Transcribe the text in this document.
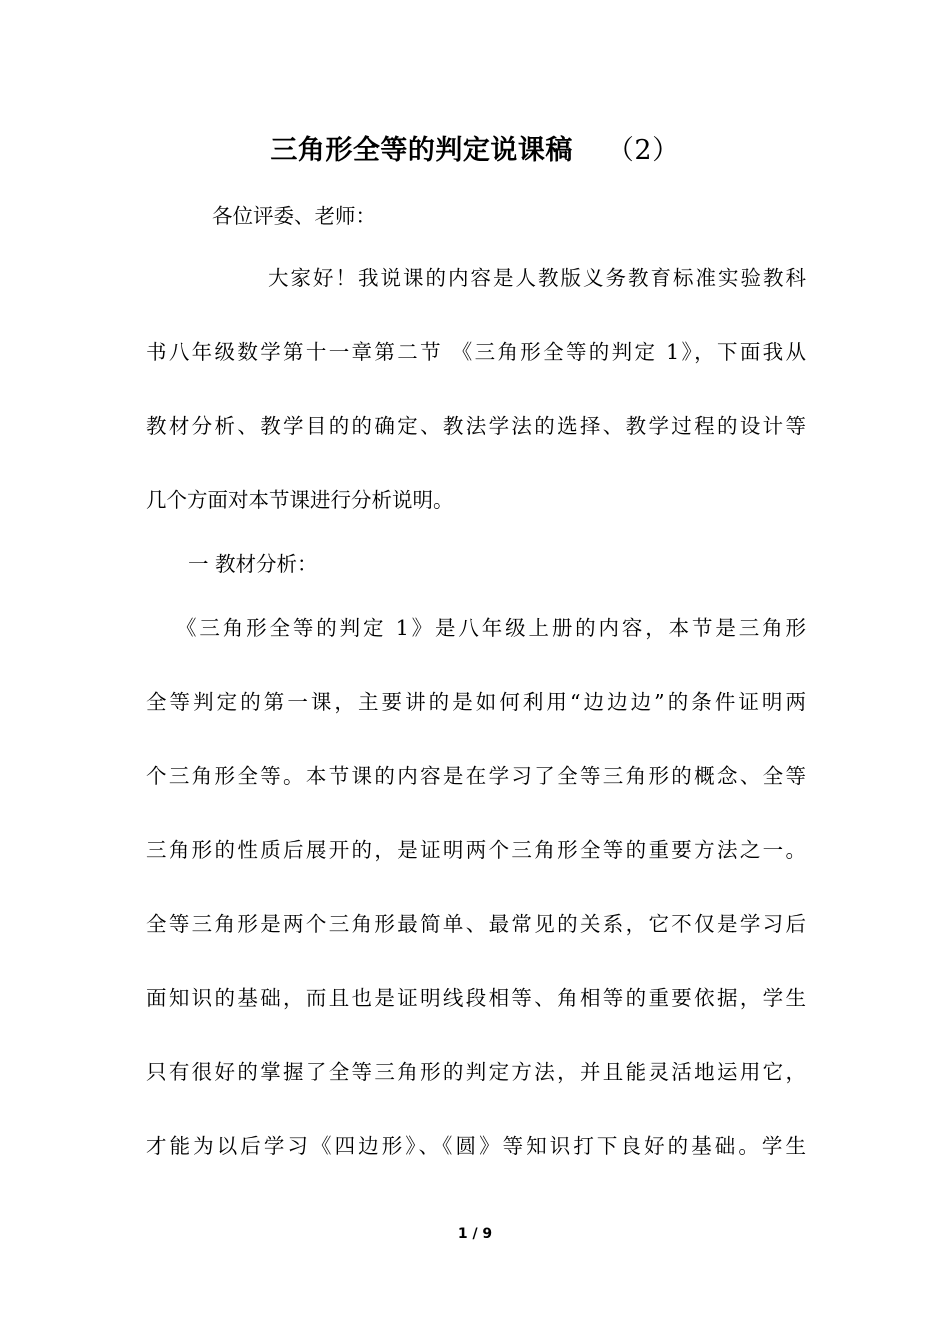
三角形全等的判定说课稿 （2）
各位评委、老师：
大家好！我说课的内容是人教版义务教育标准实验教科
书八年级数学第十一章第二节 《三角形全等的判定 1》，下面我从
教材分析、教学目的的确定、教法学法的选择、教学过程的设计等
几个方面对本节课进行分析说明。
一 教材分析：
《三角形全等的判定 1》是八年级上册的内容，本节是三角形
全等判定的第一课，主要讲的是如何利用“边边边”的条件证明两
个三角形全等。本节课的内容是在学习了全等三角形的概念、全等
三角形的性质后展开的，是证明两个三角形全等的重要方法之一。
全等三角形是两个三角形最简单、最常见的关系，它不仅是学习后
面知识的基础，而且也是证明线段相等、角相等的重要依据，学生
只有很好的掌握了全等三角形的判定方法，并且能灵活地运用它，
才能为以后学习《四边形》、《圆》等知识打下良好的基础。学生
1 / 9
